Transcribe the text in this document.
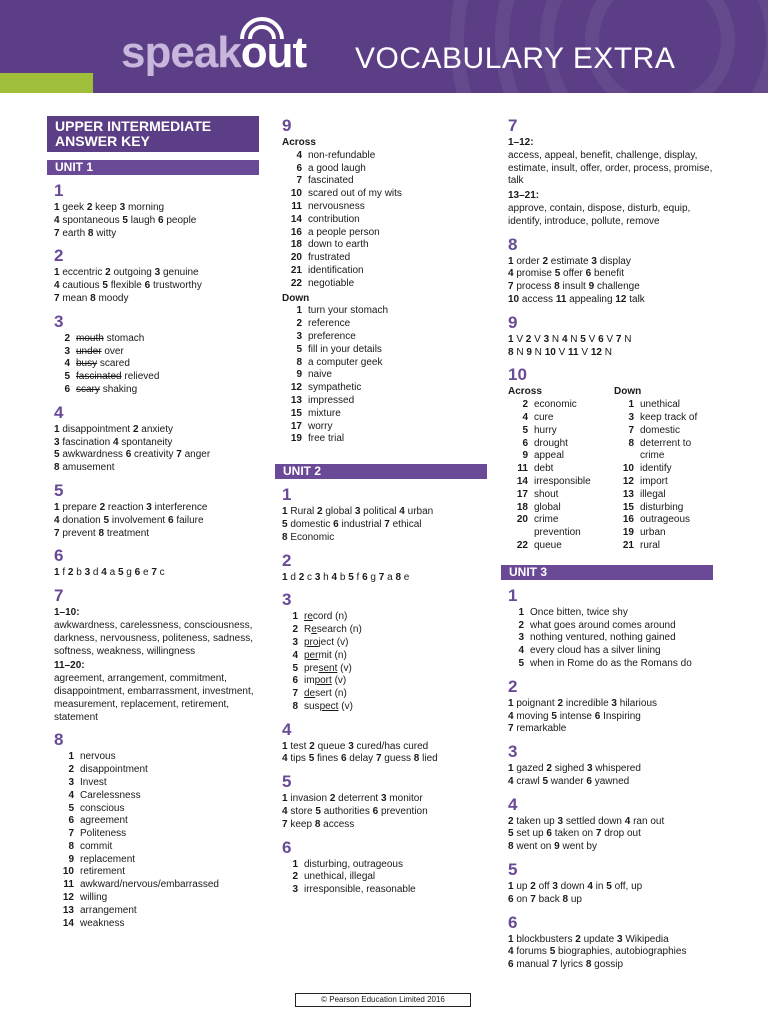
speakout VOCABULARY EXTRA
UPPER INTERMEDIATE
ANSWER KEY
UNIT 1
1
1 geek 2 keep 3 morning
4 spontaneous 5 laugh 6 people
7 earth 8 witty
2
1 eccentric 2 outgoing 3 genuine
4 cautious 5 flexible 6 trustworthy
7 mean 8 moody
3
2 mouth stomach
3 under over
4 busy scared
5 fascinated relieved
6 scary shaking
4
1 disappointment 2 anxiety
3 fascination 4 spontaneity
5 awkwardness 6 creativity 7 anger
8 amusement
5
1 prepare 2 reaction 3 interference
4 donation 5 involvement 6 failure
7 prevent 8 treatment
6
1 f 2 b 3 d 4 a 5 g 6 e 7 c
7
1–10:
awkwardness, carelessness, consciousness, darkness, nervousness, politeness, sadness, softness, weakness, willingness
11–20:
agreement, arrangement, commitment, disappointment, embarrassment, investment, measurement, replacement, retirement, statement
8
1 nervous
2 disappointment
3 Invest
4 Carelessness
5 conscious
6 agreement
7 Politeness
8 commit
9 replacement
10 retirement
11 awkward/nervous/embarrassed
12 willing
13 arrangement
14 weakness
9
Across
4 non-refundable
6 a good laugh
7 fascinated
10 scared out of my wits
11 nervousness
14 contribution
16 a people person
18 down to earth
20 frustrated
21 identification
22 negotiable
Down
1 turn your stomach
2 reference
3 preference
5 fill in your details
8 a computer geek
9 naive
12 sympathetic
13 impressed
15 mixture
17 worry
19 free trial
UNIT 2
1
1 Rural 2 global 3 political 4 urban
5 domestic 6 industrial 7 ethical
8 Economic
2
1 d 2 c 3 h 4 b 5 f 6 g 7 a 8 e
3
1 record (n)
2 Research (n)
3 project (v)
4 permit (n)
5 present (v)
6 import (v)
7 desert (n)
8 suspect (v)
4
1 test 2 queue 3 cured/has cured
4 tips 5 fines 6 delay 7 guess 8 lied
5
1 invasion 2 deterrent 3 monitor
4 store 5 authorities 6 prevention
7 keep 8 access
6
1 disturbing, outrageous
2 unethical, illegal
3 irresponsible, reasonable
7
1–12:
access, appeal, benefit, challenge, display, estimate, insult, offer, order, process, promise, talk
13–21:
approve, contain, dispose, disturb, equip, identify, introduce, pollute, remove
8
1 order 2 estimate 3 display
4 promise 5 offer 6 benefit
7 process 8 insult 9 challenge
10 access 11 appealing 12 talk
9
1 V 2 V 3 N 4 N 5 V 6 V 7 N
8 N 9 N 10 V 11 V 12 N
10
Across
2 economic
4 cure
5 hurry
6 drought
9 appeal
11 debt
14 irresponsible
17 shout
18 global
20 crime prevention
22 queue
Down
1 unethical
3 keep track of
7 domestic
8 deterrent to crime
10 identify
12 import
13 illegal
15 disturbing
16 outrageous
19 urban
21 rural
UNIT 3
1
1 Once bitten, twice shy
2 what goes around comes around
3 nothing ventured, nothing gained
4 every cloud has a silver lining
5 when in Rome do as the Romans do
2
1 poignant 2 incredible 3 hilarious
4 moving 5 intense 6 Inspiring
7 remarkable
3
1 gazed 2 sighed 3 whispered
4 crawl 5 wander 6 yawned
4
2 taken up 3 settled down 4 ran out
5 set up 6 taken on 7 drop out
8 went on 9 went by
5
1 up 2 off 3 down 4 in 5 off, up
6 on 7 back 8 up
6
1 blockbusters 2 update 3 Wikipedia
4 forums 5 biographies, autobiographies
6 manual 7 lyrics 8 gossip
© Pearson Education Limited 2016
